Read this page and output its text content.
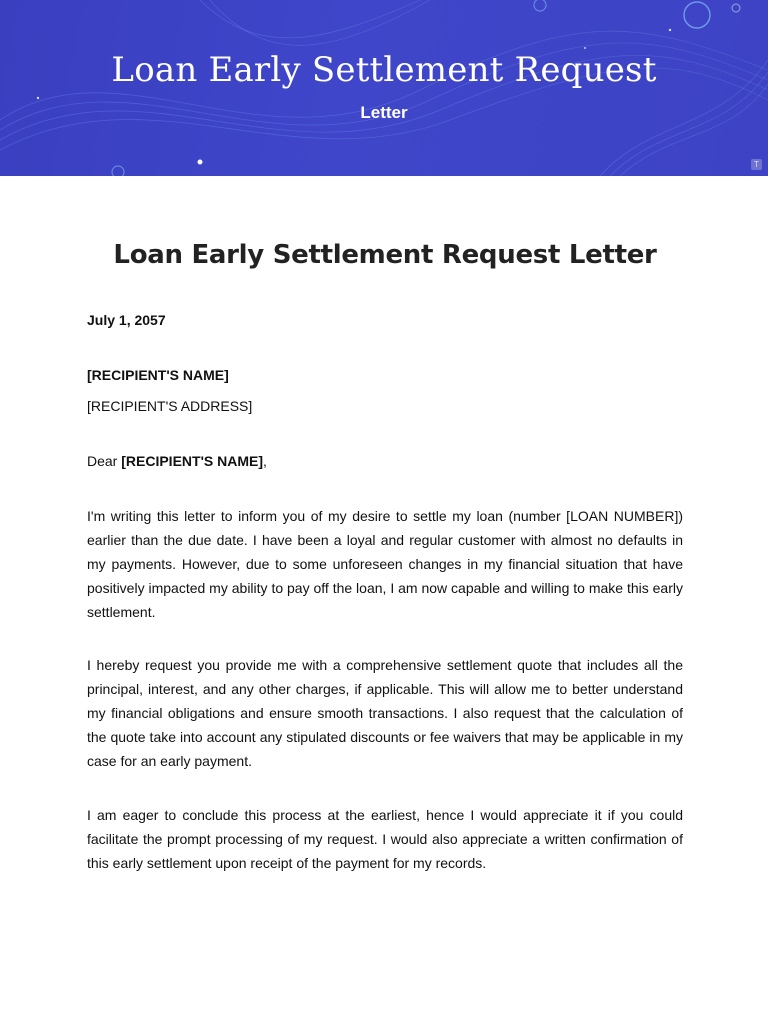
Loan Early Settlement Request
Letter
T
Loan Early Settlement Request Letter
July 1, 2057
[RECIPIENT'S NAME]
[RECIPIENT'S ADDRESS]
Dear [RECIPIENT'S NAME],
I'm writing this letter to inform you of my desire to settle my loan (number [LOAN NUMBER]) earlier than the due date. I have been a loyal and regular customer with almost no defaults in my payments. However, due to some unforeseen changes in my financial situation that have positively impacted my ability to pay off the loan, I am now capable and willing to make this early settlement.
I hereby request you provide me with a comprehensive settlement quote that includes all the principal, interest, and any other charges, if applicable. This will allow me to better understand my financial obligations and ensure smooth transactions. I also request that the calculation of the quote take into account any stipulated discounts or fee waivers that may be applicable in my case for an early payment.
I am eager to conclude this process at the earliest, hence I would appreciate it if you could facilitate the prompt processing of my request. I would also appreciate a written confirmation of this early settlement upon receipt of the payment for my records.
